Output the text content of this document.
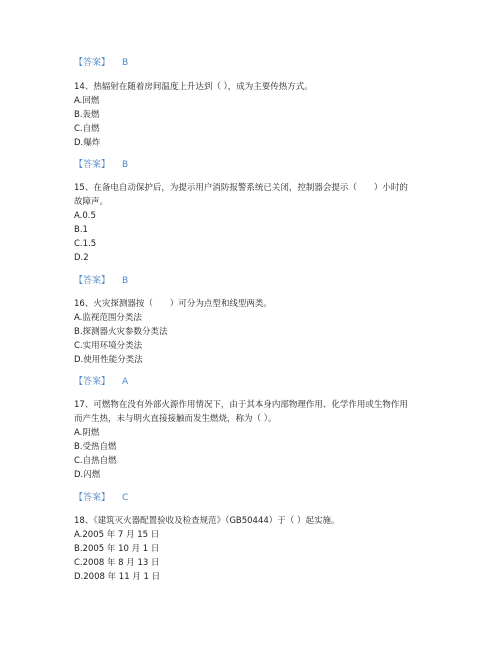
【答案】 B
14、热辐射在随着房间温度上升达到（ ），成为主要传热方式。
A.回燃
B.轰燃
C.自燃
D.爆炸
【答案】 B
15、在备电自动保护后，为提示用户消防报警系统已关闭，控制器会提示（　　）小时的
故障声。
A.0.5
B.1
C.1.5
D.2
【答案】 B
16、火灾探测器按（　　）可分为点型和线型两类。
A.监视范围分类法
B.探测器火灾参数分类法
C.实用环境分类法
D.使用性能分类法
【答案】 A
17、可燃物在没有外部火源作用情况下，由于其本身内部物理作用、化学作用或生物作用
而产生热，未与明火直接接触而发生燃烧，称为（ ）。
A.阴燃
B.受热自燃
C.自热自燃
D.闪燃
【答案】 C
18、《建筑灭火器配置验收及检查规范》（GB50444）于（ ）起实施。
A.2005 年 7 月 15 日
B.2005 年 10 月 1 日
C.2008 年 8 月 13 日
D.2008 年 11 月 1 日
